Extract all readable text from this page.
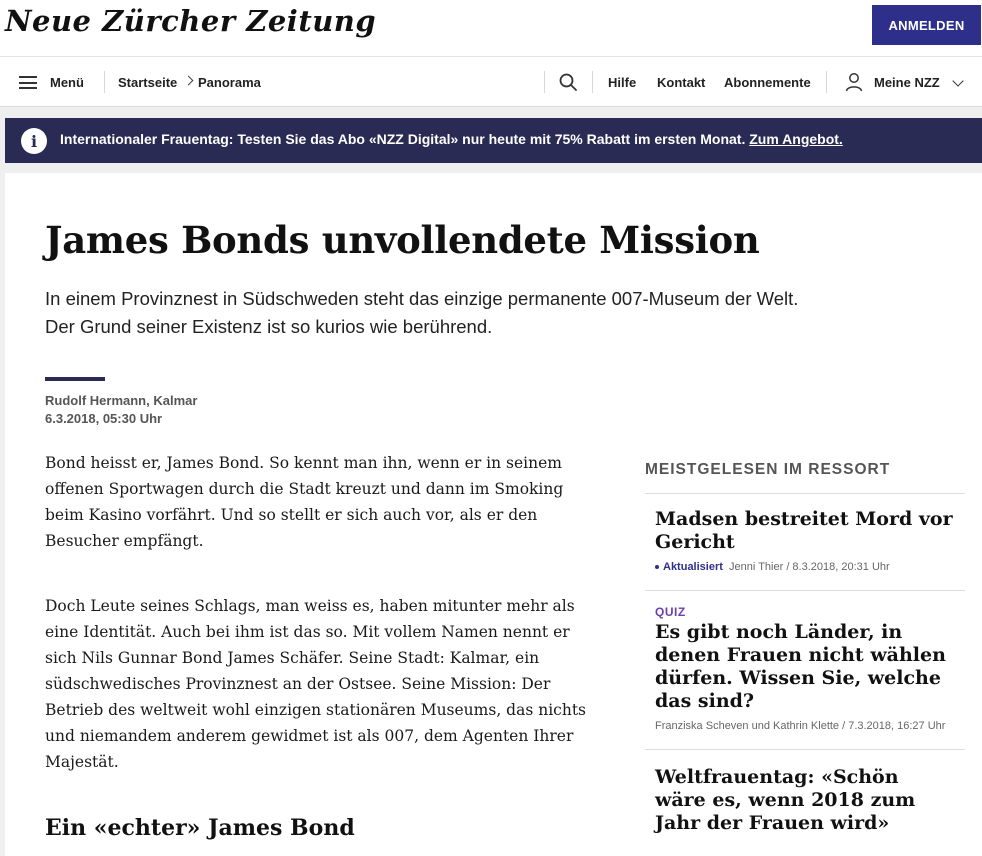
Neue Zürcher Zeitung	ANMELDEN
Menü	Startseite Panorama	Hilfe Kontakt Abonnemente	Meine NZZ
i	Internationaler Frauentag: Testen Sie das Abo «NZZ Digital» nur heute mit 75% Rabatt im ersten Monat. Zum Angebot.
James Bonds unvollendete Mission

In einem Provinznest in Südschweden steht das einzige permanente 007-Museum der Welt. Der Grund seiner Existenz ist so kurios wie berührend.

Rudolf Hermann, Kalmar
6.3.2018, 05:30 Uhr

Bond heisst er, James Bond. So kennt man ihn, wenn er in seinem offenen Sportwagen durch die Stadt kreuzt und dann im Smoking beim Kasino vorfährt. Und so stellt er sich auch vor, als er den Besucher empfängt.

Doch Leute seines Schlags, man weiss es, haben mitunter mehr als eine Identität. Auch bei ihm ist das so. Mit vollem Namen nennt er sich Nils Gunnar Bond James Schäfer. Seine Stadt: Kalmar, ein südschwedisches Provinznest an der Ostsee. Seine Mission: Der Betrieb des weltweit wohl einzigen stationären Museums, das nichts und niemandem anderem gewidmet ist als 007, dem Agenten Ihrer Majestät.

Ein «echter» James Bond
MEISTGELESEN IM RESSORT
Madsen bestreitet Mord vor Gericht
Aktualisiert Jenni Thier / 8.3.2018, 20:31 Uhr
QUIZ
Es gibt noch Länder, in denen Frauen nicht wählen dürfen. Wissen Sie, welche das sind?
Franziska Scheven und Kathrin Klette / 7.3.2018, 16:27 Uhr
Weltfrauentag: «Schön wäre es, wenn 2018 zum Jahr der Frauen wird»
